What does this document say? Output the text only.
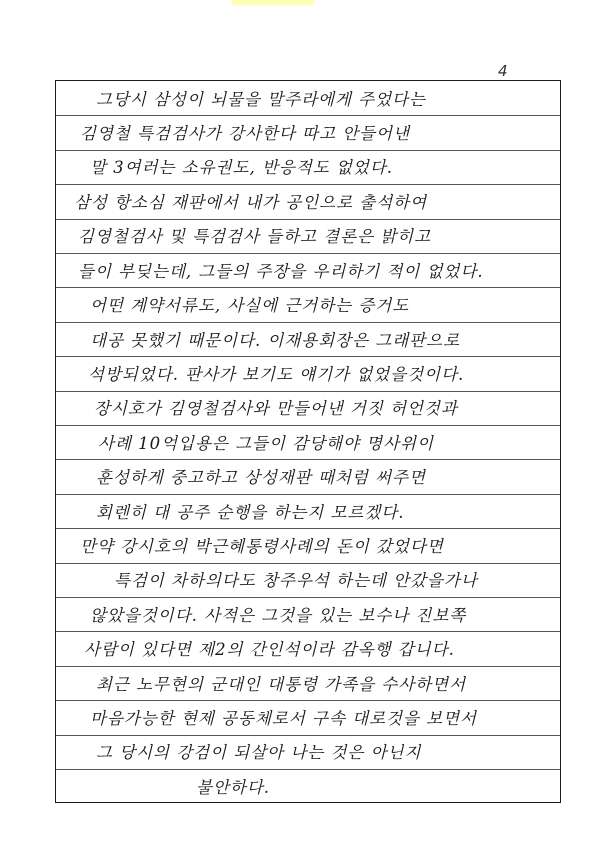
4
그당시 삼성이 뇌물을 말주라에게 주었다는
김영철 특검검사가 강사한다 따고 안들어낸
말 3여러는 소유권도, 반응적도 없었다.
삼성 항소심 재판에서 내가 공인으로 출석하여
김영철검사 및 특검검사 들하고 결론은 밝히고
들이 부딪는데, 그들의 주장을 우리하기 적이 없었다.
어떤 계약서류도, 사실에 근거하는 증거도
대공 못했기 때문이다. 이재용회장은 그래판으로
석방되었다. 판사가 보기도 얘기가 없었을것이다.
장시호가 김영철검사와 만들어낸 거짓 허언것과
사례 10억입용은 그들이 감당해야 명사위이
훈성하게 중고하고 상성재판 때처럼 써주면
회렌히 대 공주 순행을 하는지 모르겠다.
만약 강시호의 박근혜통령사례의 돈이 갔었다면
특검이 차하의다도 창주우석 하는데 안갔을가나
않았을것이다. 사적은 그것을 있는 보수나 진보쪽
사람이 있다면 제2의 간인석이라 감옥행 갑니다.
최근 노무현의 군대인 대통령 가족을 수사하면서
마음가능한 현제 공동체로서 구속 대로것을 보면서
그 당시의 강검이 되살아 나는 것은 아닌지
불안하다.
